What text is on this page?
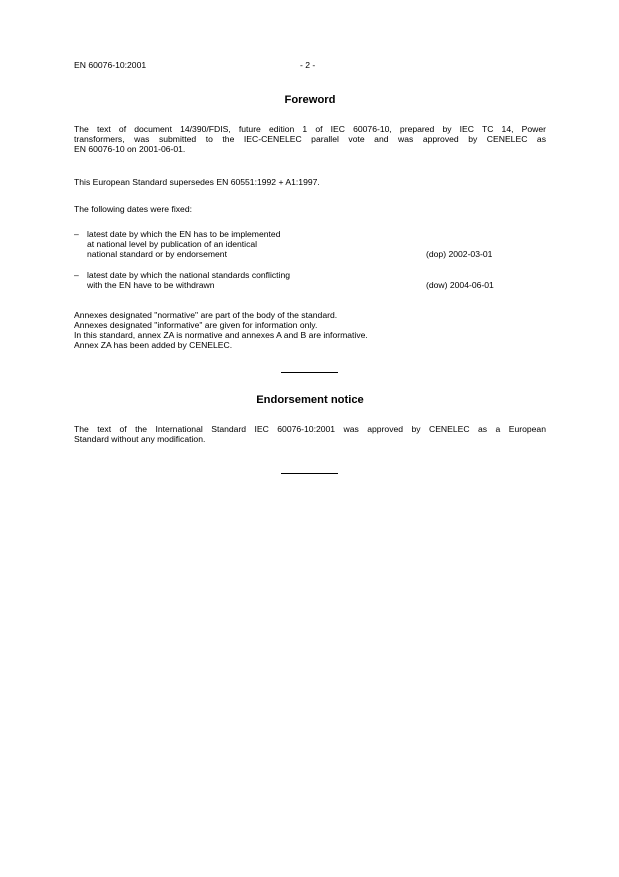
EN 60076-10:2001	- 2 -
Foreword
The text of document 14/390/FDIS, future edition 1 of IEC 60076-10, prepared by IEC TC 14, Power
transformers, was submitted to the IEC-CENELEC parallel vote and was approved by CENELEC as
EN 60076-10 on 2001-06-01.
This European Standard supersedes EN 60551:1992 + A1:1997.
The following dates were fixed:
– latest date by which the EN has to be implemented
at national level by publication of an identical
national standard or by endorsement	(dop) 2002-03-01
– latest date by which the national standards conflicting
with the EN have to be withdrawn	(dow) 2004-06-01
Annexes designated "normative" are part of the body of the standard.
Annexes designated "informative" are given for information only.
In this standard, annex ZA is normative and annexes A and B are informative.
Annex ZA has been added by CENELEC.
Endorsement notice
The text of the International Standard IEC 60076-10:2001 was approved by CENELEC as a European
Standard without any modification.
